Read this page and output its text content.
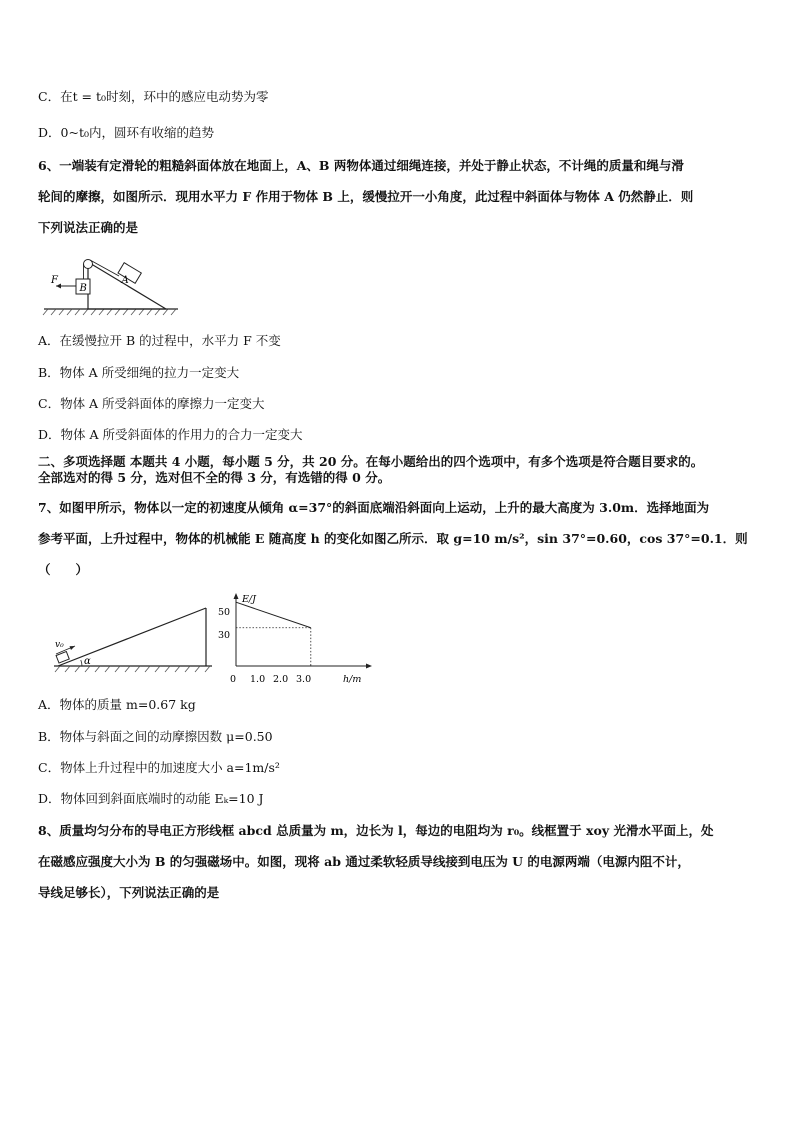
C．在t = t₀时刻，环中的感应电动势为零
D．0~t₀内，圆环有收缩的趋势
6、一端装有定滑轮的粗糙斜面体放在地面上，A、B 两物体通过细绳连接，并处于静止状态，不计绳的质量和绳与滑
轮间的摩擦，如图所示．现用水平力 F 作用于物体 B 上，缓慢拉开一小角度，此过程中斜面体与物体 A 仍然静止．则
下列说法正确的是
B
F	A
A．在缓慢拉开 B 的过程中，水平力 F 不变
B．物体 A 所受细绳的拉力一定变大
C．物体 A 所受斜面体的摩擦力一定变大
D．物体 A 所受斜面体的作用力的合力一定变大
二、多项选择题 本题共 4 小题，每小题 5 分，共 20 分。在每小题给出的四个选项中，有多个选项是符合题目要求的。
全部选对的得 5 分，选对但不全的得 3 分，有选错的得 0 分。
7、如图甲所示，物体以一定的初速度从倾角 α=37°的斜面底端沿斜面向上运动，上升的最大高度为 3.0m．选择地面为
参考平面，上升过程中，物体的机械能 E 随高度 h 的变化如图乙所示．取 g=10 m/s²，sin 37°=0.60，cos 37°=0.1．则
（　　）
α
v₀
E/J
h/m
0 1.0 2.0 3.0
30
50
A．物体的质量 m=0.67 kg
B．物体与斜面之间的动摩擦因数 μ=0.50
C．物体上升过程中的加速度大小 a=1m/s²
D．物体回到斜面底端时的动能 Eₖ=10 J
8、质量均匀分布的导电正方形线框 abcd 总质量为 m，边长为 l，每边的电阻均为 r₀。线框置于 xoy 光滑水平面上，处
在磁感应强度大小为 B 的匀强磁场中。如图，现将 ab 通过柔软轻质导线接到电压为 U 的电源两端（电源内阻不计，
导线足够长），下列说法正确的是
